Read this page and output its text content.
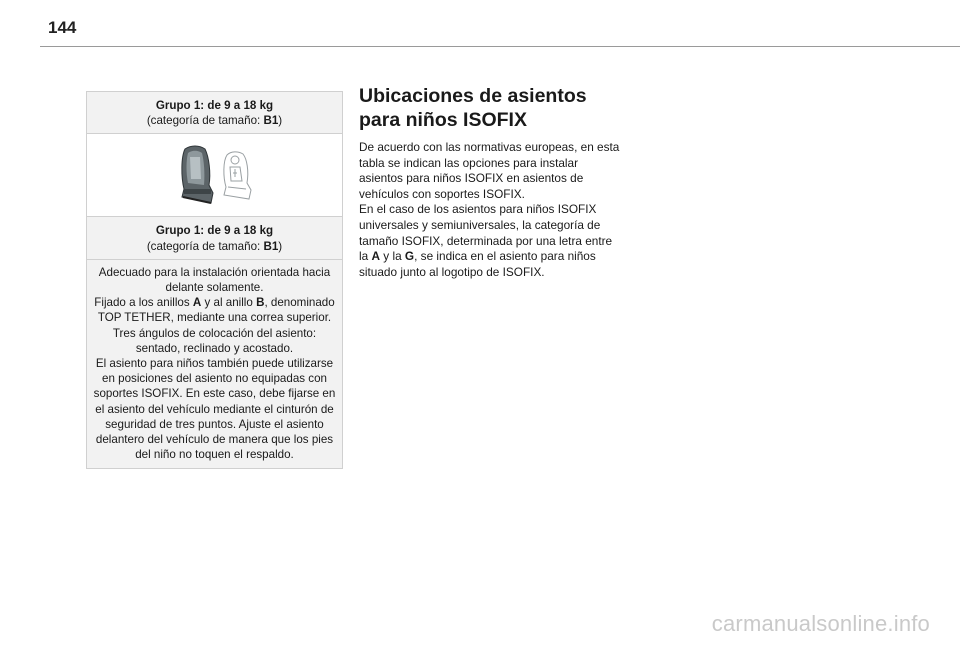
144
Grupo 1: de 9 a 18 kg
(categoría de tamaño: B1)
Grupo 1: de 9 a 18 kg
(categoría de tamaño: B1)

Adecuado para la instalación orientada hacia delante solamente.

Fijado a los anillos A y al anillo B, denominado TOP TETHER, mediante una correa superior.

Tres ángulos de colocación del asiento: sentado, reclinado y acostado.

El asiento para niños también puede utilizarse en posiciones del asiento no equipadas con soportes ISOFIX. En este caso, debe fijarse en el asiento del vehículo mediante el cinturón de seguridad de tres puntos. Ajuste el asiento delantero del vehículo de manera que los pies del niño no toquen el respaldo.

Ubicaciones de asientos para niños ISOFIX

De acuerdo con las normativas europeas, en esta tabla se indican las opciones para instalar asientos para niños ISOFIX en asientos de vehículos con soportes ISOFIX.

En el caso de los asientos para niños ISOFIX universales y semiuniversales, la categoría de tamaño ISOFIX, determinada por una letra entre la A y la G, se indica en el asiento para niños situado junto al logotipo de ISOFIX.

carmanualsonline.info
